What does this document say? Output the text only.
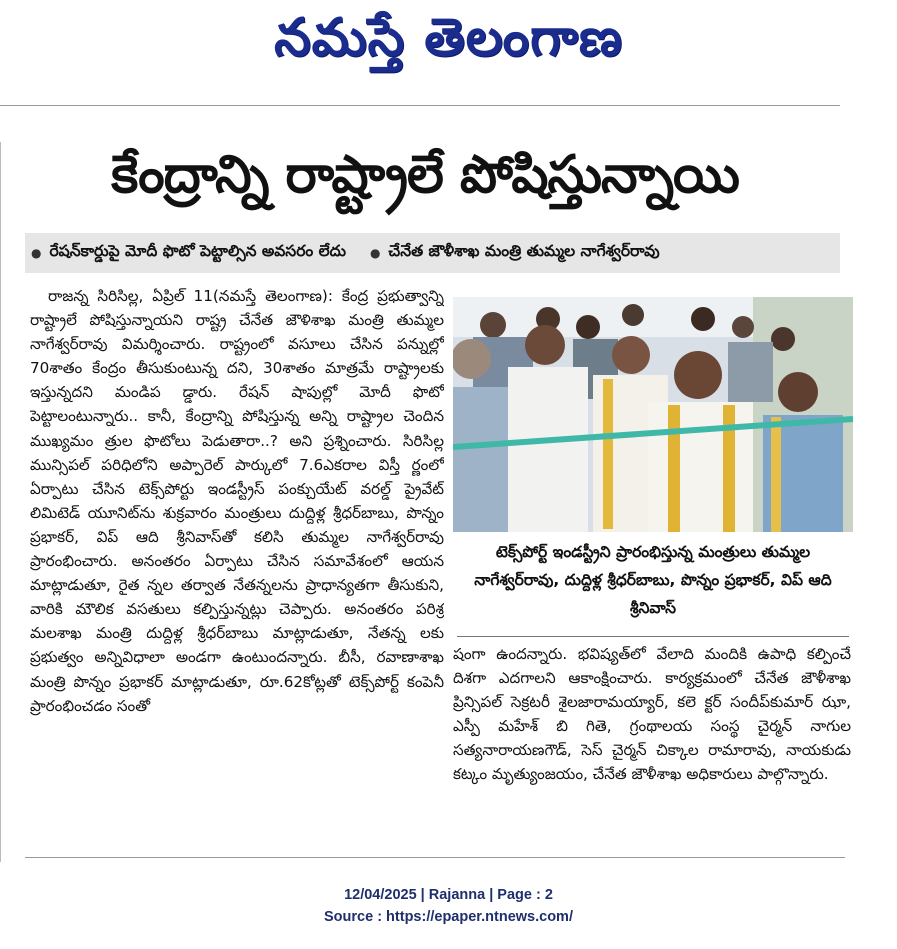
నమస్తే తెలంగాణ
కేంద్రాన్ని రాష్ట్రాలే పోషిస్తున్నాయి
● రేషన్‌కార్డుపై మోదీ ఫొటో పెట్టాల్సిన అవసరం లేదు ● చేనేత జౌళీశాఖ మంత్రి తుమ్మల నాగేశ్వర్‌రావు

రాజన్న సిరిసిల్ల, ఏప్రిల్ 11(నమస్తే తెలంగాణ): కేంద్ర ప్రభుత్వాన్ని రాష్ట్రాలే పోషిస్తున్నాయని రాష్ట్ర చేనేత జౌళిశాఖ మంత్రి తుమ్మల నాగేశ్వర్‌రావు విమర్శించారు. రాష్ట్రంలో వసూలు చేసిన పన్నుల్లో 70శాతం కేంద్రం తీసుకుంటున్న దని, 30శాతం మాత్రమే రాష్ట్రాలకు ఇస్తున్నదని మండిప డ్డారు. రేషన్ షాపుల్లో మోదీ ఫొటో పెట్టాలంటున్నారు.. కానీ, కేంద్రాన్ని పోషిస్తున్న అన్ని రాష్ట్రాల చెందిన ముఖ్యమం త్రుల ఫొటోలు పెడుతారా..? అని ప్రశ్నించారు. సిరిసిల్ల మున్సిపల్ పరిధిలోని అప్పారెల్ పార్కులో 7.6ఎకరాల విస్తీ ర్ణంలో ఏర్పాటు చేసిన టెక్స్‌పోర్టు ఇండస్ట్రీస్ పంక్చుయేట్ వరల్డ్ ప్రైవేట్ లిమిటెడ్ యూనిట్‌ను శుక్రవారం మంత్రులు దుద్దిళ్ల శ్రీధర్‌బాబు, పొన్నం ప్రభాకర్, విప్ ఆది శ్రీనివాస్‌తో కలిసి తుమ్మల నాగేశ్వర్‌రావు ప్రారంభించారు. అనంతరం ఏర్పాటు చేసిన సమావేశంలో ఆయన మాట్లాడుతూ, రైత న్నల తర్వాత నేతన్నలను ప్రాధాన్యతగా తీసుకుని, వారికి మౌలిక వసతులు కల్పిస్తున్నట్లు చెప్పారు. అనంతరం పరిశ్ర మలశాఖ మంత్రి దుద్దిళ్ల శ్రీధర్‌బాబు మాట్లాడుతూ, నేతన్న లకు ప్రభుత్వం అన్నివిధాలా అండగా ఉంటుందన్నారు. బీసీ, రవాణాశాఖ మంత్రి పొన్నం ప్రభాకర్ మాట్లాడుతూ, రూ.62కోట్లతో టెక్స్‌పోర్ట్ కంపెనీ ప్రారంభించడం సంతో

టెక్స్‌పోర్ట్ ఇండస్ట్రీని ప్రారంభిస్తున్న మంత్రులు తుమ్మల నాగేశ్వర్‌రావు, దుద్దిళ్ల శ్రీధర్‌బాబు, పొన్నం ప్రభాకర్, విప్ ఆది శ్రీనివాస్

షంగా ఉందన్నారు. భవిష్యత్‌లో వేలాది మందికి ఉపాధి కల్పించే దిశగా ఎదగాలని ఆకాంక్షించారు. కార్యక్రమంలో చేనేత జౌళీశాఖ ప్రిన్సిపల్ సెక్రటరీ శైలజారామయ్యార్, కలె క్టర్ సందీప్‌కుమార్ ఝా, ఎస్పీ మహేశ్ బి గితె, గ్రంథాలయ సంస్థ చైర్మన్ నాగుల సత్యనారాయణగౌడ్, సెస్ చైర్మన్ చిక్కాల రామారావు, నాయకుడు కట్కం మృత్యుంజయం, చేనేత జౌళీశాఖ అధికారులు పాల్గొన్నారు.

12/04/2025 | Rajanna | Page : 2
Source : https://epaper.ntnews.com/
